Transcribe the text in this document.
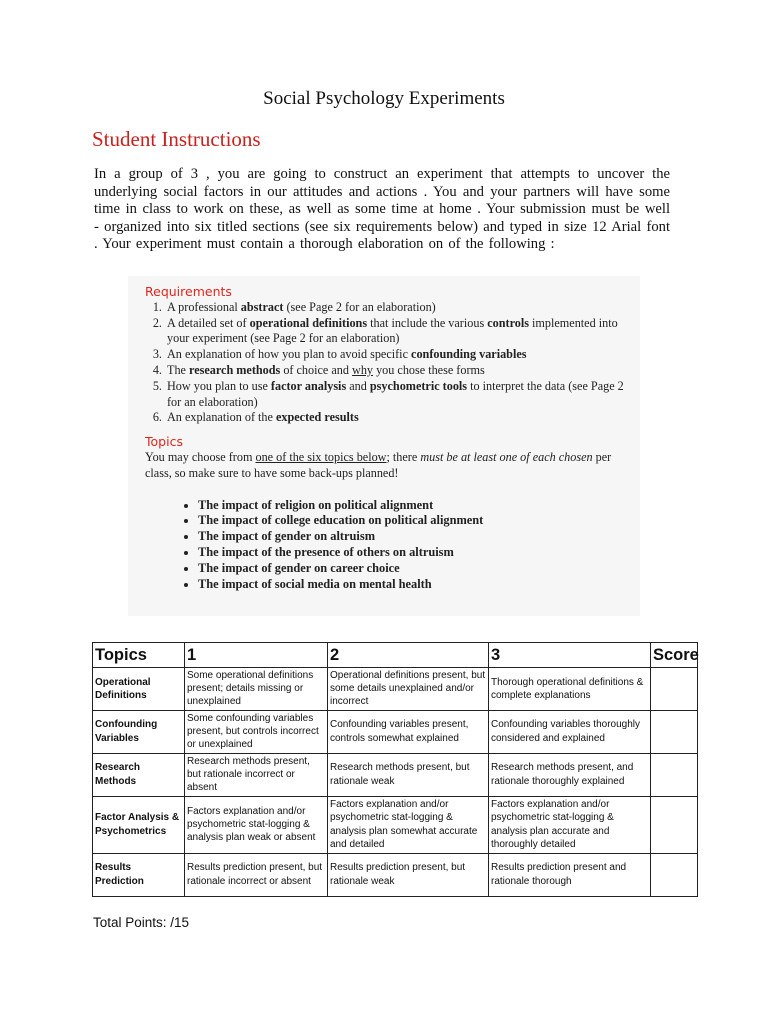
Social Psychology Experiments
Student Instructions
In a group of 3 , you are going to construct an experiment that attempts to uncover the underlying social factors in our attitudes and actions . You and your partners will have some time in class to work on these, as well as some time at home . Your submission must be well - organized into six titled sections (see six requirements below) and typed in size 12 Arial font . Your experiment must contain a thorough elaboration on of the following :
Requirements
1. A professional abstract (see Page 2 for an elaboration)
2. A detailed set of operational definitions that include the various controls implemented into your experiment (see Page 2 for an elaboration)
3. An explanation of how you plan to avoid specific confounding variables
4. The research methods of choice and why you chose these forms
5. How you plan to use factor analysis and psychometric tools to interpret the data (see Page 2 for an elaboration)
6. An explanation of the expected results
Topics

You may choose from one of the six topics below; there must be at least one of each chosen per class, so make sure to have some back-ups planned!

• The impact of religion on political alignment
• The impact of college education on political alignment
• The impact of gender on altruism
• The impact of the presence of others on altruism
• The impact of gender on career choice
• The impact of social media on mental health
Topics	1	2	3	Score
Operational Definitions	Some operational definitions present; details missing or unexplained	Operational definitions present, but some details unexplained and/or incorrect	Thorough operational definitions & complete explanations	
Confounding Variables	Some confounding variables present, but controls incorrect or unexplained	Confounding variables present, controls somewhat explained	Confounding variables thoroughly considered and explained	
Research Methods	Research methods present, but rationale incorrect or absent	Research methods present, but rationale weak	Research methods present, and rationale thoroughly explained	
Factor Analysis & Psychometrics	Factors explanation and/or psychometric stat-logging & analysis plan weak or absent	Factors explanation and/or psychometric stat-logging & analysis plan somewhat accurate and detailed	Factors explanation and/or psychometric stat-logging & analysis plan accurate and thoroughly detailed	
Results Prediction	Results prediction present, but rationale incorrect or absent	Results prediction present, but rationale weak	Results prediction present and rationale thorough	
Total Points: /15
